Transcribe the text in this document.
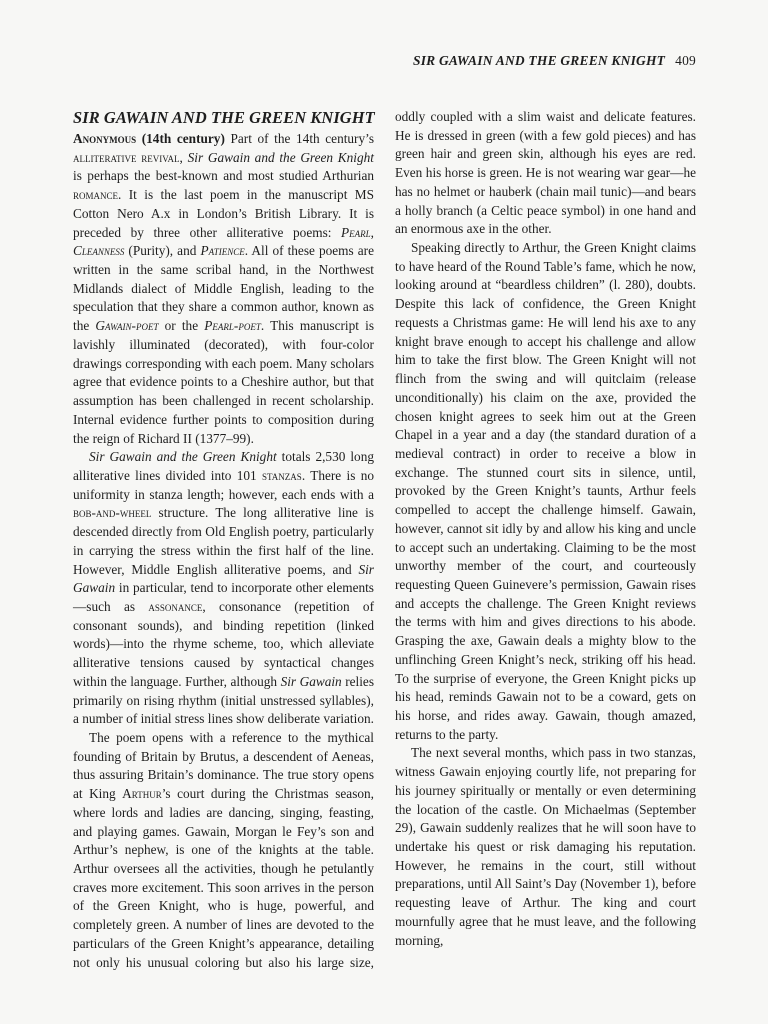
SIR GAWAIN AND THE GREEN KNIGHT 409
SIR GAWAIN AND THE GREEN KNIGHT

Anonymous (14th century) Part of the 14th century’s alliterative revival, Sir Gawain and the Green Knight is perhaps the best-known and most studied Arthurian romance. It is the last poem in the manuscript MS Cotton Nero A.x in London’s British Library. It is preceded by three other alliterative poems: Pearl, Cleanness (Purity), and Patience. All of these poems are written in the same scribal hand, in the Northwest Midlands dialect of Middle English, leading to the speculation that they share a common author, known as the Gawain-poet or the Pearl-poet. This manuscript is lavishly illuminated (decorated), with four-color drawings corresponding with each poem. Many scholars agree that evidence points to a Cheshire author, but that assumption has been challenged in recent scholarship. Internal evidence further points to composition during the reign of Richard II (1377–99).

Sir Gawain and the Green Knight totals 2,530 long alliterative lines divided into 101 stanzas. There is no uniformity in stanza length; however, each ends with a bob-and-wheel structure. The long alliterative line is descended directly from Old English poetry, particularly in carrying the stress within the first half of the line. However, Middle English alliterative poems, and Sir Gawain in particular, tend to incorporate other elements—such as assonance, consonance (repetition of consonant sounds), and binding repetition (linked words)—into the rhyme scheme, too, which alleviate alliterative tensions caused by syntactical changes within the language. Further, although Sir Gawain relies primarily on rising rhythm (initial unstressed syllables), a number of initial stress lines show deliberate variation.

The poem opens with a reference to the mythical founding of Britain by Brutus, a descendent of Aeneas, thus assuring Britain’s dominance. The true story opens at King Arthur’s court during the Christmas season, where lords and ladies are dancing, singing, feasting, and playing games. Gawain, Morgan le Fey’s son and Arthur’s nephew, is one of the knights at the table. Arthur oversees all the activities, though he petulantly craves more excitement. This soon arrives in the person of the Green Knight, who is huge, powerful, and completely green. A number of lines are devoted to the particulars of the Green Knight’s appearance, detailing not only his unusual coloring but also his large size,

oddly coupled with a slim waist and delicate features. He is dressed in green (with a few gold pieces) and has green hair and green skin, although his eyes are red. Even his horse is green. He is not wearing war gear—he has no helmet or hauberk (chain mail tunic)—and bears a holly branch (a Celtic peace symbol) in one hand and an enormous axe in the other.

Speaking directly to Arthur, the Green Knight claims to have heard of the Round Table’s fame, which he now, looking around at “beardless children” (l. 280), doubts. Despite this lack of confidence, the Green Knight requests a Christmas game: He will lend his axe to any knight brave enough to accept his challenge and allow him to take the first blow. The Green Knight will not flinch from the swing and will quitclaim (release unconditionally) his claim on the axe, provided the chosen knight agrees to seek him out at the Green Chapel in a year and a day (the standard duration of a medieval contract) in order to receive a blow in exchange. The stunned court sits in silence, until, provoked by the Green Knight’s taunts, Arthur feels compelled to accept the challenge himself. Gawain, however, cannot sit idly by and allow his king and uncle to accept such an undertaking. Claiming to be the most unworthy member of the court, and courteously requesting Queen Guinevere’s permission, Gawain rises and accepts the challenge. The Green Knight reviews the terms with him and gives directions to his abode. Grasping the axe, Gawain deals a mighty blow to the unflinching Green Knight’s neck, striking off his head. To the surprise of everyone, the Green Knight picks up his head, reminds Gawain not to be a coward, gets on his horse, and rides away. Gawain, though amazed, returns to the party.

The next several months, which pass in two stanzas, witness Gawain enjoying courtly life, not preparing for his journey spiritually or mentally or even determining the location of the castle. On Michaelmas (September 29), Gawain suddenly realizes that he will soon have to undertake his quest or risk damaging his reputation. However, he remains in the court, still without preparations, until All Saint’s Day (November 1), before requesting leave of Arthur. The king and court mournfully agree that he must leave, and the following morning,
